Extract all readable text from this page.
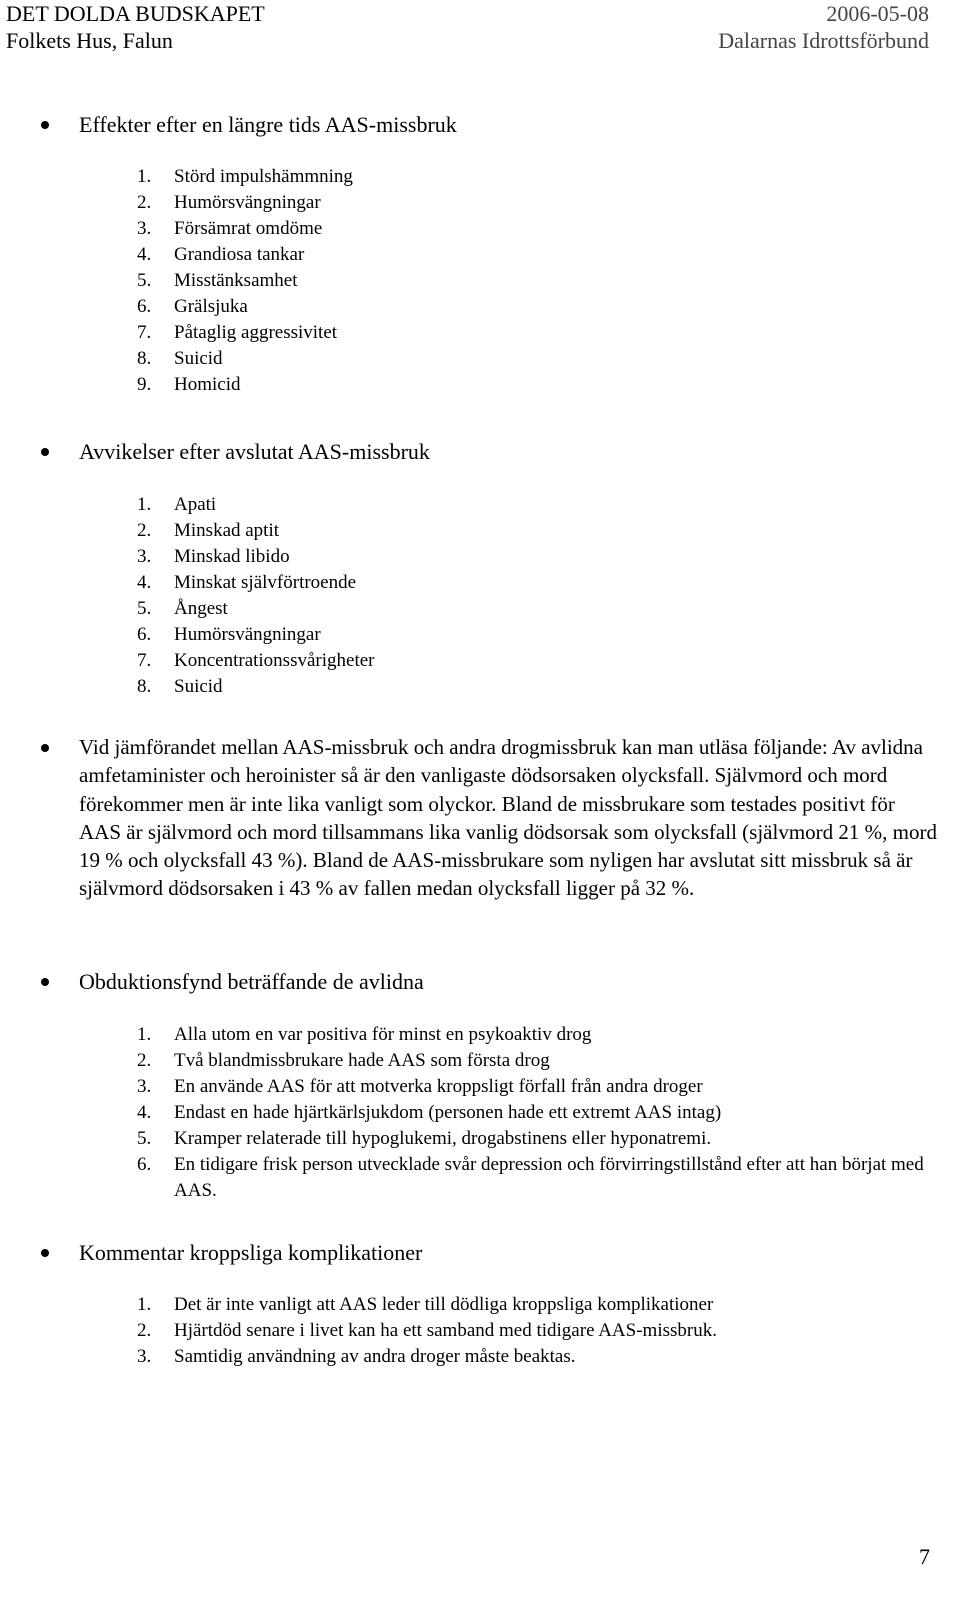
DET DOLDA BUDSKAPET	2006-05-08
Folkets Hus, Falun	Dalarnas Idrottsförbund
Effekter efter en längre tids AAS-missbruk
1.	Störd impulshämmning
2.	Humörsvängningar
3.	Försämrat omdöme
4.	Grandiosa tankar
5.	Misstänksamhet
6.	Grälsjuka
7.	Påtaglig aggressivitet
8.	Suicid
9.	Homicid
Avvikelser efter avslutat AAS-missbruk
1.	Apati
2.	Minskad aptit
3.	Minskad libido
4.	Minskat självförtroende
5.	Ångest
6.	Humörsvängningar
7.	Koncentrationssvårigheter
8.	Suicid

Vid jämförandet mellan AAS-missbruk och andra drogmissbruk kan man utläsa följande: Av avlidna amfetaminister och heroinister så är den vanligaste dödsorsaken olycksfall. Självmord och mord förekommer men är inte lika vanligt som olyckor. Bland de missbrukare som testades positivt för AAS är självmord och mord tillsammans lika vanlig dödsorsak som olycksfall (självmord 21 %, mord 19 % och olycksfall 43 %). Bland de AAS-missbrukare som nyligen har avslutat sitt missbruk så är självmord dödsorsaken i 43 % av fallen medan olycksfall ligger på 32 %.

Obduktionsfynd beträffande de avlidna
1.	Alla utom en var positiva för minst en psykoaktiv drog
2.	Två blandmissbrukare hade AAS som första drog
3.	En använde AAS för att motverka kroppsligt förfall från andra droger
4.	Endast en hade hjärtkärlsjukdom (personen hade ett extremt AAS intag)
5.	Kramper relaterade till hypoglukemi, drogabstinens eller hyponatremi.
6.	En tidigare frisk person utvecklade svår depression och förvirringstillstånd efter att han börjat med AAS.
Kommentar kroppsliga komplikationer
1.	Det är inte vanligt att AAS leder till dödliga kroppsliga komplikationer
2.	Hjärtdöd senare i livet kan ha ett samband med tidigare AAS-missbruk.
3.	Samtidig användning av andra droger måste beaktas.
7
